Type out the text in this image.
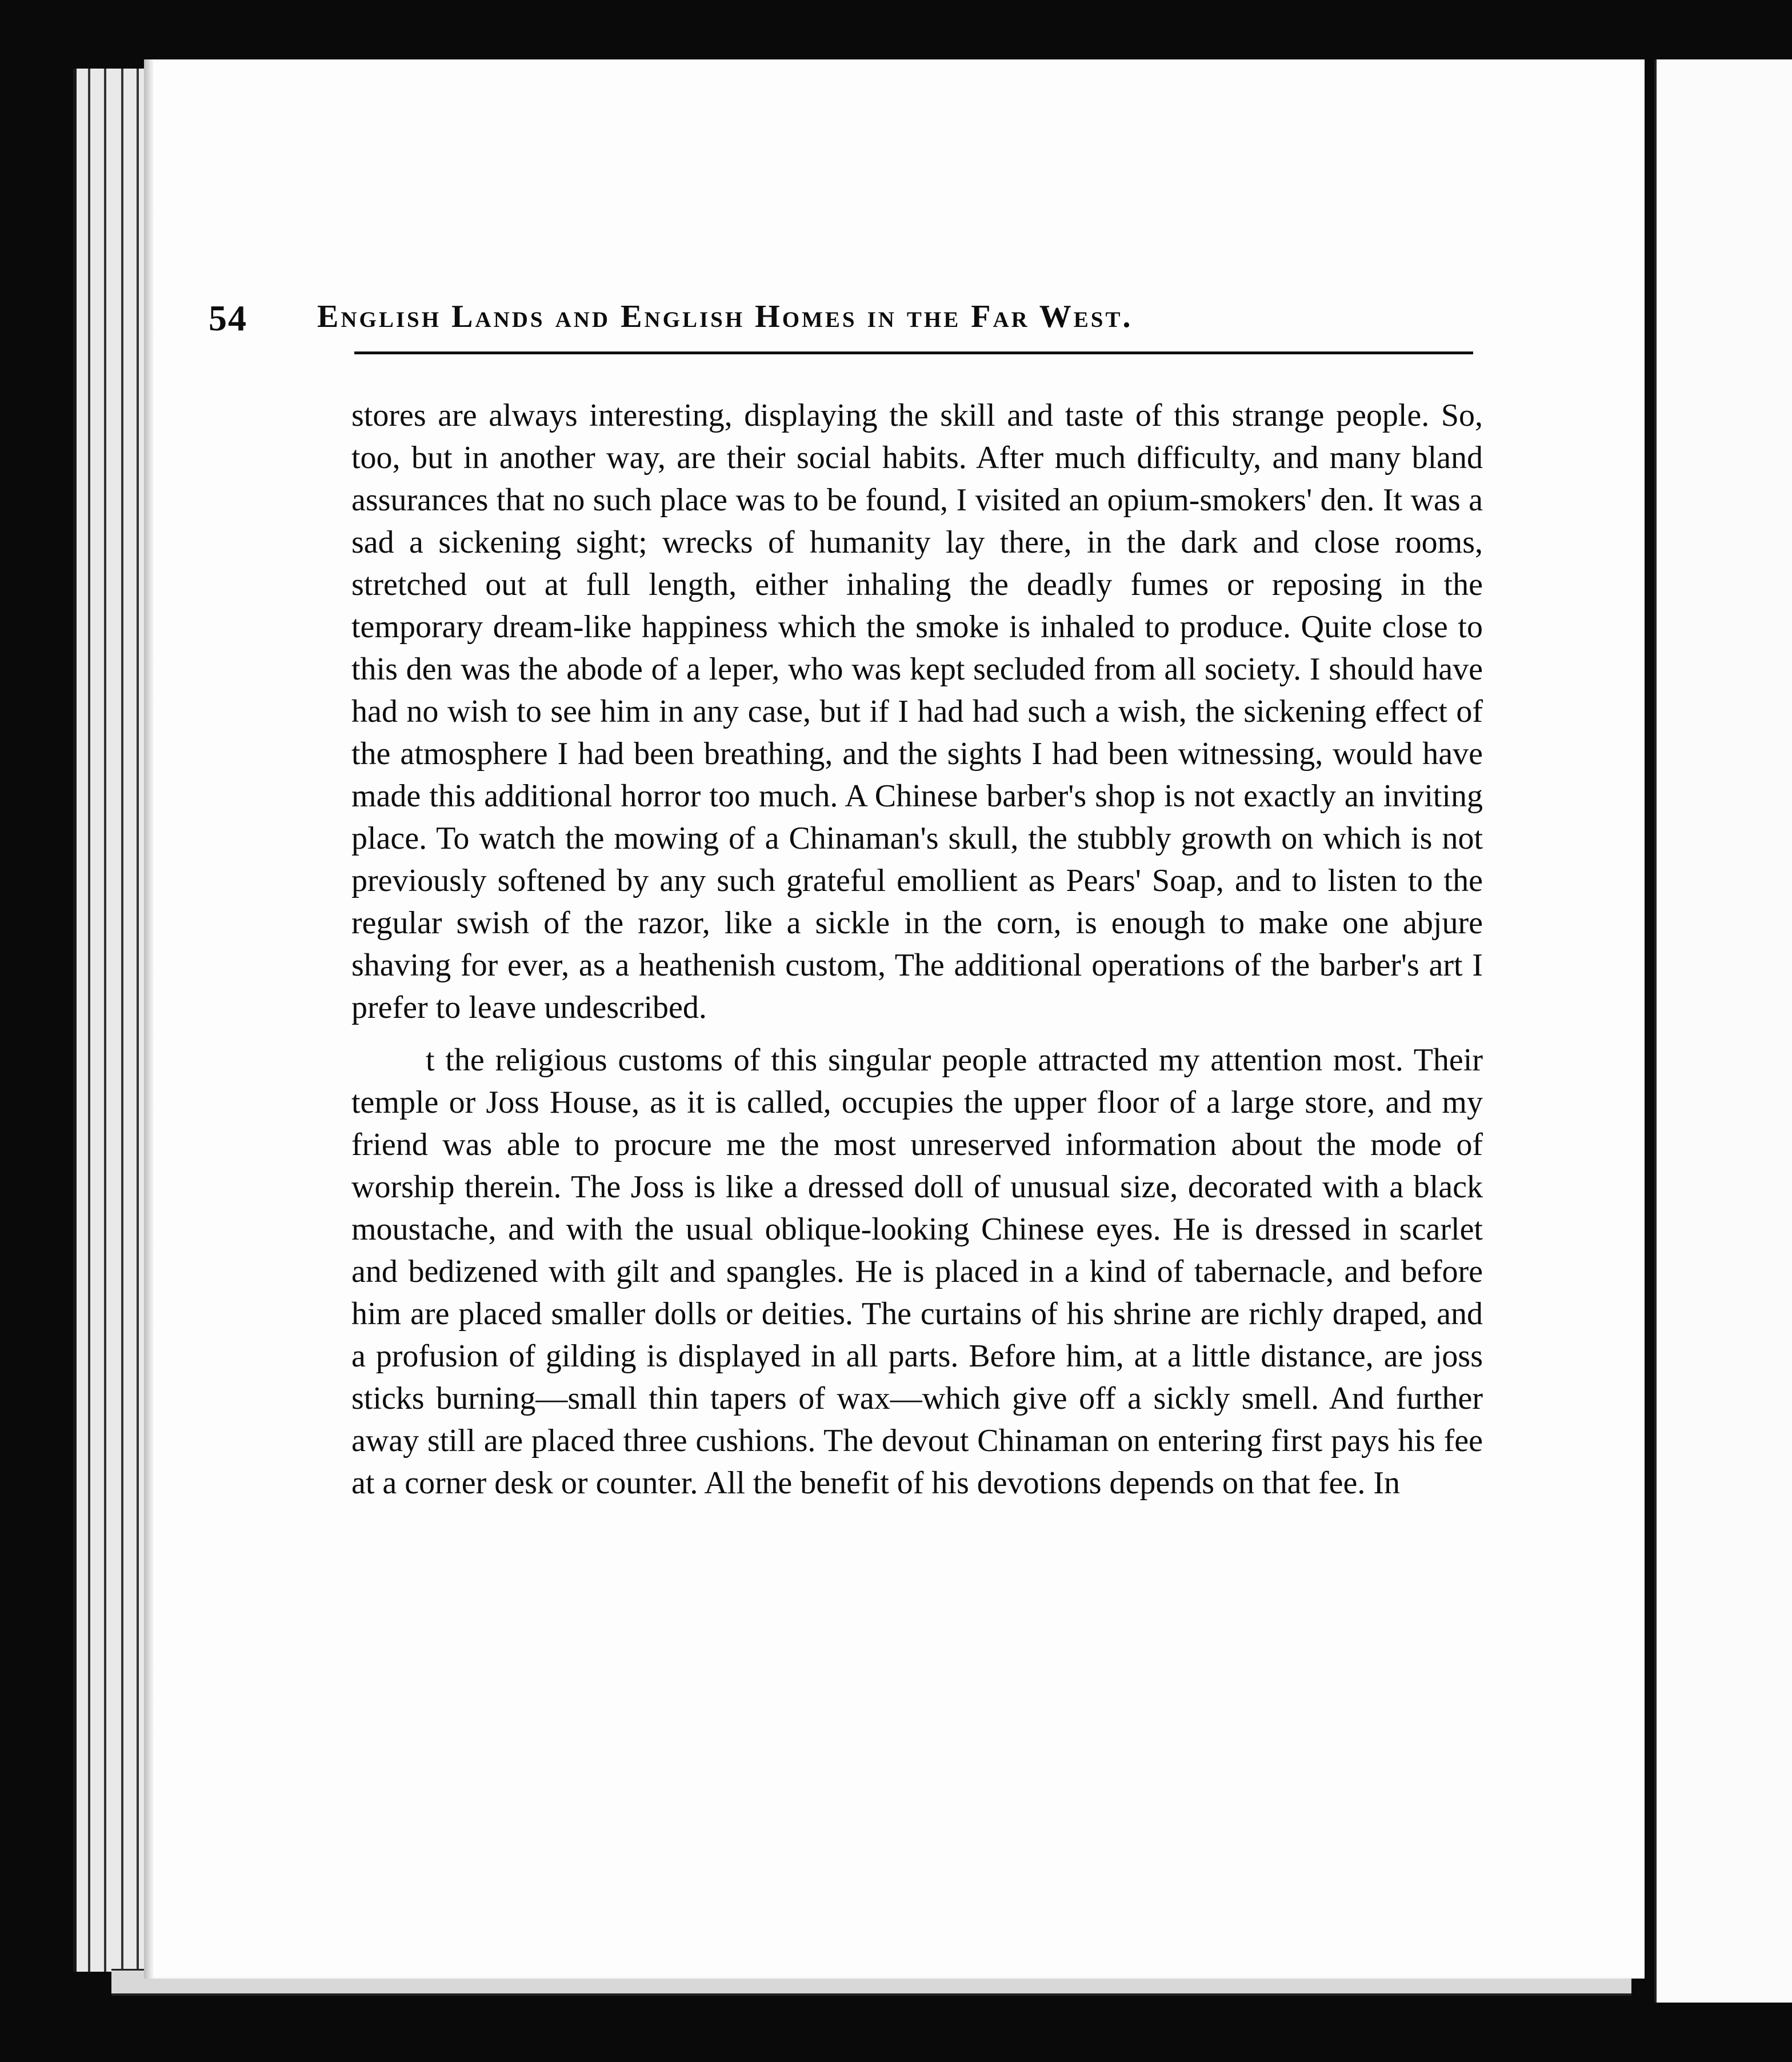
54 English Lands and English Homes in the Far West.

stores are always interesting, displaying the skill and taste of this strange people. So, too, but in another way, are their social habits. After much difficulty, and many bland assurances that no such place was to be found, I visited an opium-smokers' den. It was a sad a sickening sight; wrecks of humanity lay there, in the dark and close rooms, stretched out at full length, either inhaling the deadly fumes or reposing in the temporary dream-like happiness which the smoke is inhaled to produce. Quite close to this den was the abode of a leper, who was kept secluded from all society. I should have had no wish to see him in any case, but if I had had such a wish, the sickening effect of the atmosphere I had been breathing, and the sights I had been witnessing, would have made this additional horror too much. A Chinese barber's shop is not exactly an inviting place. To watch the mowing of a Chinaman's skull, the stubbly growth on which is not previously softened by any such grateful emollient as Pears' Soap, and to listen to the regular swish of the razor, like a sickle in the corn, is enough to make one abjure shaving for ever, as a heathenish custom, The additional operations of the barber's art I prefer to leave undescribed.

t the religious customs of this singular people attracted my attention most. Their temple or Joss House, as it is called, occupies the upper floor of a large store, and my friend was able to procure me the most unreserved information about the mode of worship therein. The Joss is like a dressed doll of unusual size, decorated with a black moustache, and with the usual oblique-looking Chinese eyes. He is dressed in scarlet and bedizened with gilt and spangles. He is placed in a kind of tabernacle, and before him are placed smaller dolls or deities. The curtains of his shrine are richly draped, and a profusion of gilding is displayed in all parts. Before him, at a little distance, are joss sticks burning—small thin tapers of wax—which give off a sickly smell. And further away still are placed three cushions. The devout Chinaman on entering first pays his fee at a corner desk or counter. All the benefit of his devotions depends on that fee. In
